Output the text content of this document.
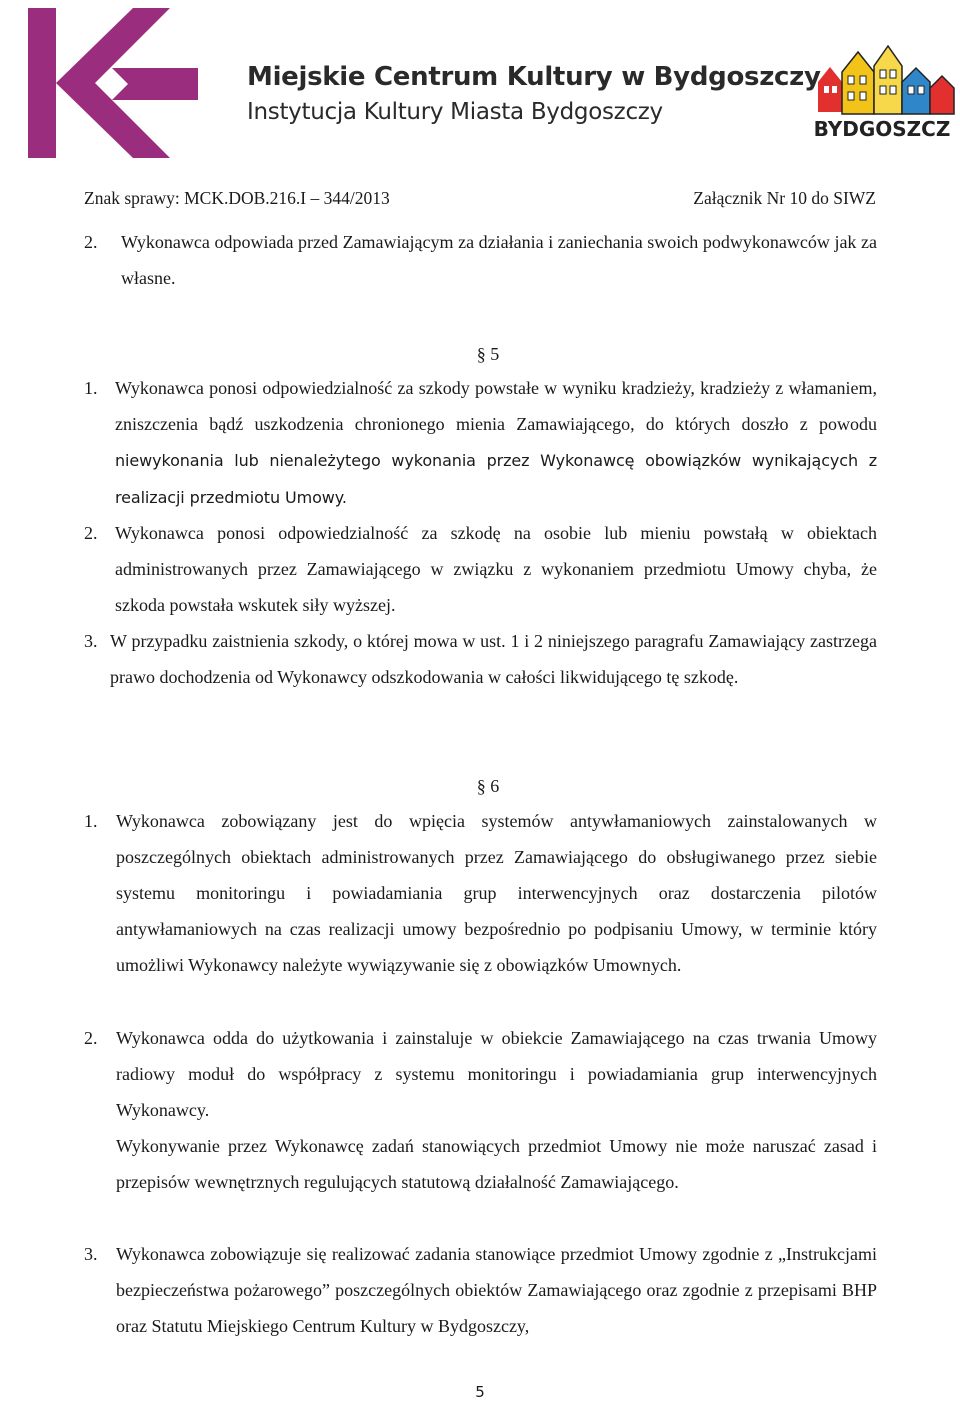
Miejskie Centrum Kultury w Bydgoszczy
Instytucja Kultury Miasta Bydgoszczy
BYDGOSZCZ
Znak sprawy: MCK.DOB.216.I – 344/2013	Załącznik Nr 10 do SIWZ
2. Wykonawca odpowiada przed Zamawiającym za działania i zaniechania swoich podwykonawców jak za własne.
§ 5
1. Wykonawca ponosi odpowiedzialność za szkody powstałe w wyniku kradzieży, kradzieży z włamaniem, zniszczenia bądź uszkodzenia chronionego mienia Zamawiającego, do których doszło z powodu niewykonania lub nienależytego wykonania przez Wykonawcę obowiązków wynikających z realizacji przedmiotu Umowy.
2. Wykonawca ponosi odpowiedzialność za szkodę na osobie lub mieniu powstałą w obiektach administrowanych przez Zamawiającego w związku z wykonaniem przedmiotu Umowy chyba, że szkoda powstała wskutek siły wyższej.
3. W przypadku zaistnienia szkody, o której mowa w ust. 1 i 2 niniejszego paragrafu Zamawiający zastrzega prawo dochodzenia od Wykonawcy odszkodowania w całości likwidującego tę szkodę.
§ 6
1. Wykonawca zobowiązany jest do wpięcia systemów antywłamaniowych zainstalowanych w poszczególnych obiektach administrowanych przez Zamawiającego do obsługiwanego przez siebie systemu monitoringu i powiadamiania grup interwencyjnych oraz dostarczenia pilotów antywłamaniowych na czas realizacji umowy bezpośrednio po podpisaniu Umowy, w terminie który umożliwi Wykonawcy należyte wywiązywanie się z obowiązków Umownych.
2. Wykonawca odda do użytkowania i zainstaluje w obiekcie Zamawiającego na czas trwania Umowy radiowy moduł do współpracy z systemu monitoringu i powiadamiania grup interwencyjnych Wykonawcy.
Wykonywanie przez Wykonawcę zadań stanowiących przedmiot Umowy nie może naruszać zasad i przepisów wewnętrznych regulujących statutową działalność Zamawiającego.
3. Wykonawca zobowiązuje się realizować zadania stanowiące przedmiot Umowy zgodnie z „Instrukcjami bezpieczeństwa pożarowego” poszczególnych obiektów Zamawiającego oraz zgodnie z przepisami BHP oraz Statutu Miejskiego Centrum Kultury w Bydgoszczy,
5
